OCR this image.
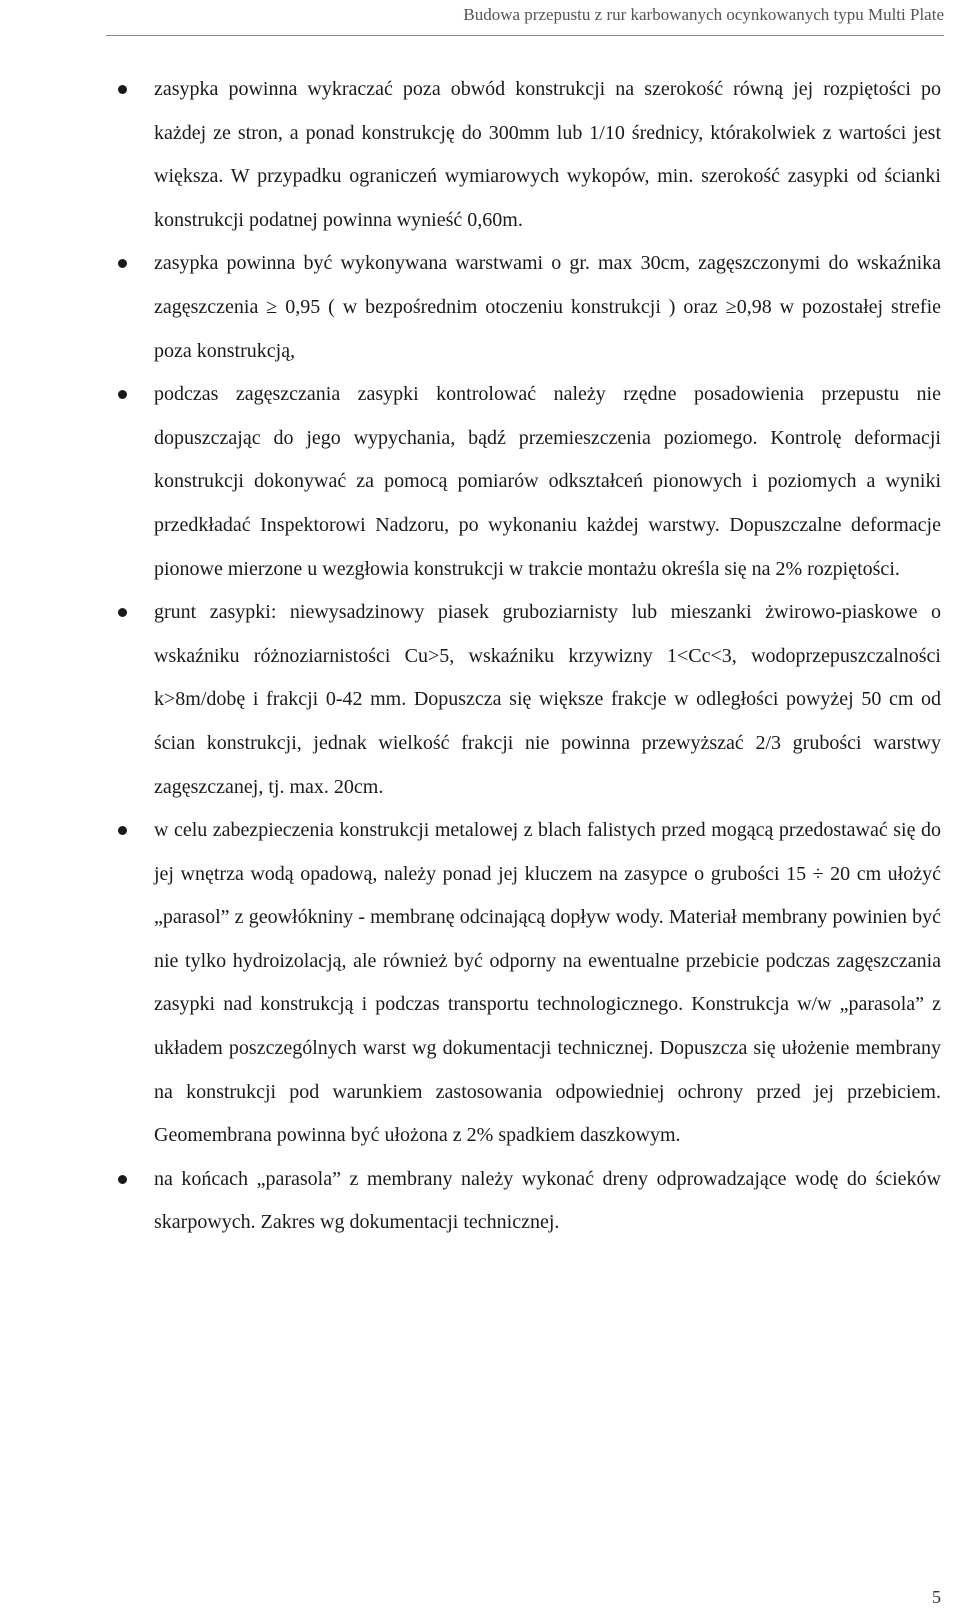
Budowa przepustu z rur karbowanych ocynkowanych typu Multi Plate
zasypka powinna wykraczać poza obwód konstrukcji na szerokość równą jej rozpiętości po każdej ze stron, a ponad konstrukcję do 300mm lub 1/10 średnicy, którakolwiek z wartości jest większa. W przypadku ograniczeń wymiarowych wykopów, min. szerokość zasypki od ścianki konstrukcji podatnej powinna wynieść 0,60m.
zasypka powinna być wykonywana warstwami o gr. max 30cm, zagęszczonymi do wskaźnika zagęszczenia ≥ 0,95 ( w bezpośrednim otoczeniu konstrukcji ) oraz ≥0,98 w pozostałej strefie poza konstrukcją,
podczas zagęszczania zasypki kontrolować należy rzędne posadowienia przepustu nie dopuszczając do jego wypychania, bądź przemieszczenia poziomego. Kontrolę deformacji konstrukcji dokonywać za pomocą pomiarów odkształceń pionowych i poziomych a wyniki przedkładać Inspektorowi Nadzoru, po wykonaniu każdej warstwy. Dopuszczalne deformacje pionowe mierzone u wezgłowia konstrukcji w trakcie montażu określa się na 2% rozpiętości.
grunt zasypki: niewysadzinowy piasek gruboziarnisty lub mieszanki żwirowo-piaskowe o wskaźniku różnoziarnistości Cu>5, wskaźniku krzywizny 1<Cc<3, wodoprzepuszczalności k>8m/dobę i frakcji 0-42 mm. Dopuszcza się większe frakcje w odległości powyżej 50 cm od ścian konstrukcji, jednak wielkość frakcji nie powinna przewyższać 2/3 grubości warstwy zagęszczanej, tj. max. 20cm.
w celu zabezpieczenia konstrukcji metalowej z blach falistych przed mogącą przedostawać się do jej wnętrza wodą opadową, należy ponad jej kluczem na zasypce o grubości 15 ÷ 20 cm ułożyć „parasol” z geowłókniny - membranę odcinającą dopływ wody. Materiał membrany powinien być nie tylko hydroizolacją, ale również być odporny na ewentualne przebicie podczas zagęszczania zasypki nad konstrukcją i podczas transportu technologicznego. Konstrukcja w/w „parasola” z układem poszczególnych warst wg dokumentacji technicznej. Dopuszcza się ułożenie membrany na konstrukcji pod warunkiem zastosowania odpowiedniej ochrony przed jej przebiciem. Geomembrana powinna być ułożona z 2% spadkiem daszkowym.
na końcach „parasola” z membrany należy wykonać dreny odprowadzające wodę do ścieków skarpowych. Zakres wg dokumentacji technicznej.
5
